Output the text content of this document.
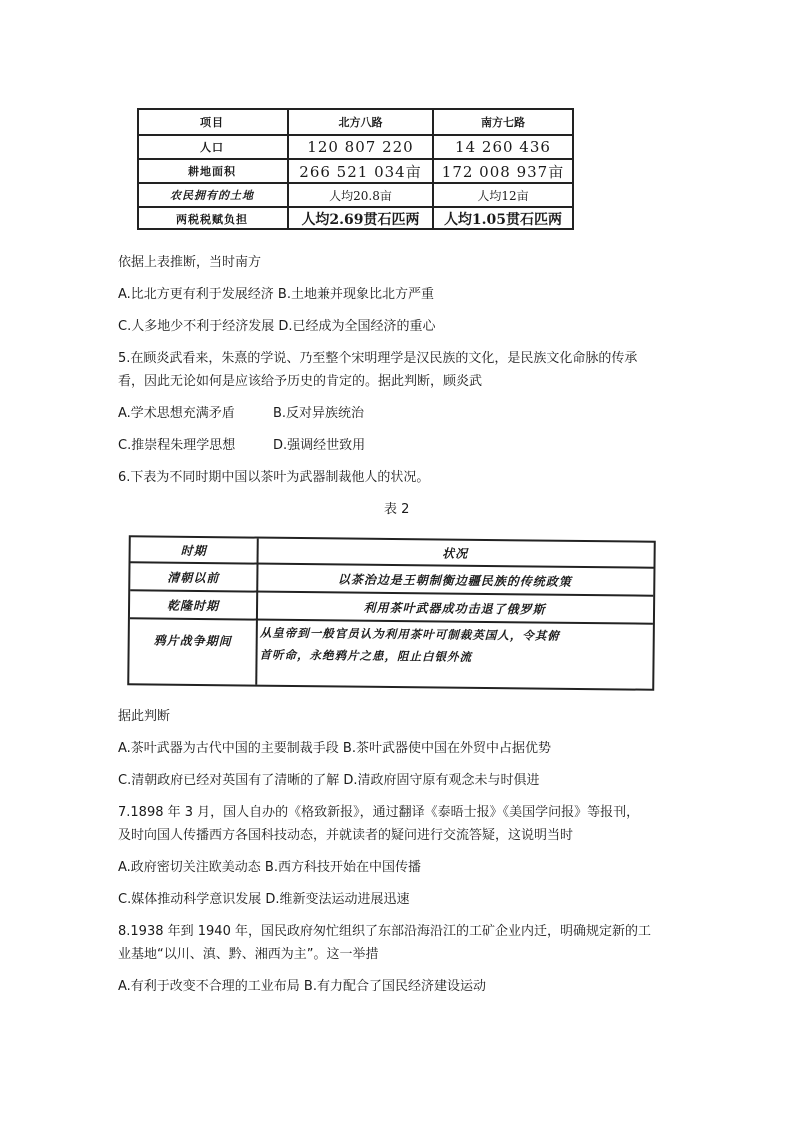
项目	北方八路	南方七路
人口	120 807 220	14 260 436
耕地面积	266 521 034亩	172 008 937亩
农民拥有的土地	人均20.8亩	人均12亩
两税税赋负担	人均2.69贯石匹两	人均1.05贯石匹两
依据上表推断，当时南方
A.比北方更有利于发展经济 B.土地兼并现象比北方严重
C.人多地少不利于经济发展 D.已经成为全国经济的重心
5.在顾炎武看来，朱熹的学说、乃至整个宋明理学是汉民族的文化，是民族文化命脉的传承
看，因此无论如何是应该给予历史的肯定的。据此判断，顾炎武
A.学术思想充满矛盾	B.反对异族统治
C.推崇程朱理学思想	D.强调经世致用
6.下表为不同时期中国以茶叶为武器制裁他人的状况。
表 2
时期	状况
清朝以前	以茶治边是王朝制衡边疆民族的传统政策
乾隆时期	利用茶叶武器成功击退了俄罗斯
鸦片战争期间	从皇帝到一般官员认为利用茶叶可制裁英国人，令其俯
首听命，永绝鸦片之患，阻止白银外流
据此判断
A.茶叶武器为古代中国的主要制裁手段 B.茶叶武器使中国在外贸中占据优势
C.清朝政府已经对英国有了清晰的了解 D.清政府固守原有观念未与时俱进
7.1898 年 3 月，国人自办的《格致新报》，通过翻译《泰晤士报》《美国学问报》等报刊，
及时向国人传播西方各国科技动态，并就读者的疑问进行交流答疑，这说明当时
A.政府密切关注欧美动态 B.西方科技开始在中国传播
C.媒体推动科学意识发展 D.维新变法运动进展迅速
8.1938 年到 1940 年，国民政府匆忙组织了东部沿海沿江的工矿企业内迁，明确规定新的工
业基地“以川、滇、黔、湘西为主”。这一举措
A.有利于改变不合理的工业布局 B.有力配合了国民经济建设运动
